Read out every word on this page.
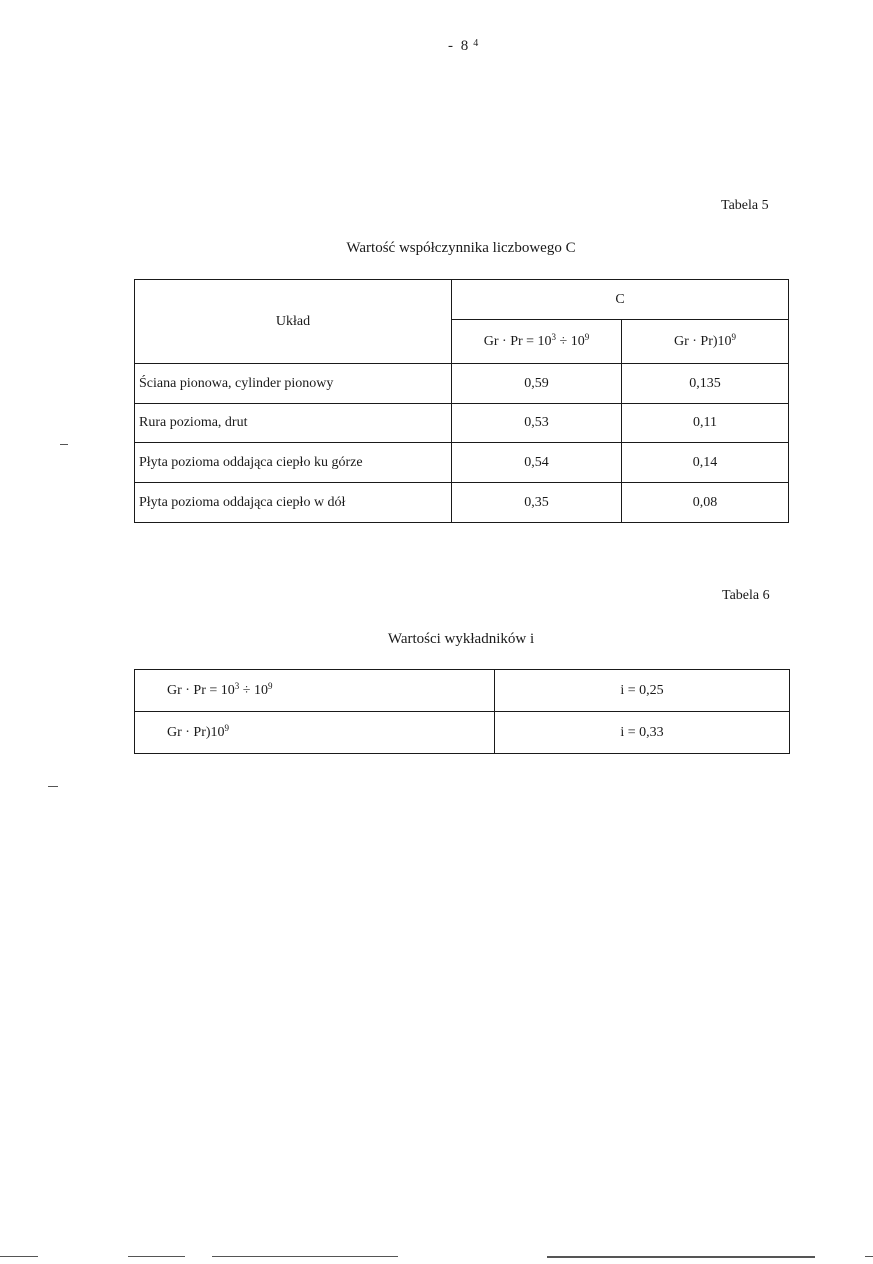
- 8 $^4$
Tabela 5
Wartość współczynnika liczbowego C
Układ	C	
	$Gr \cdot Pr = 10^3 \div 10^9$	$Gr \cdot Pr)10^9$
Ściana pionowa, cylinder pionowy	0,59	0,135
Rura pozioma, drut	0,53	0,11
Płyta pozioma oddająca ciepło ku górze	0,54	0,14
Płyta pozioma oddająca ciepło w dół	0,35	0,08
Tabela 6
Wartości wykładników i
$Gr \cdot Pr = 10^3 \div 10^9$	i = 0,25
$Gr \cdot Pr)10^9$	i = 0,33
